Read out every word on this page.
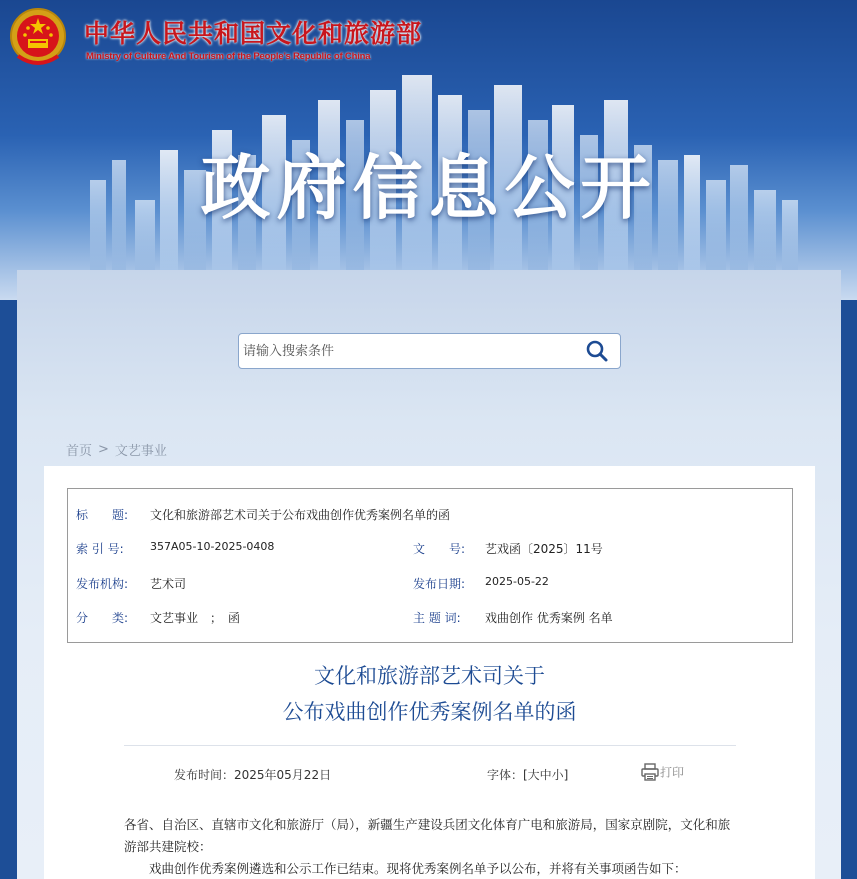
中华人民共和国文化和旅游部
Ministry of Culture And Tourism of the People’s Republic of China
政府信息公开
请输入搜索条件
首页 > 文艺事业
标　　题: 文化和旅游部艺术司关于公布戏曲创作优秀案例名单的函
索 引 号: 357A05-10-2025-0408	文　　号: 艺戏函〔2025〕11号
发布机构: 艺术司	发布日期: 2025-05-22
分　　类: 文艺事业　；　函	主 题 词: 戏曲创作 优秀案例 名单
文化和旅游部艺术司关于
公布戏曲创作优秀案例名单的函
发布时间：2025年05月22日	字体：[大中小]	打印
各省、自治区、直辖市文化和旅游厅（局），新疆生产建设兵团文化体育广电和旅游局，国家京剧院，文化和旅游部共建院校：
　　戏曲创作优秀案例遴选和公示工作已结束。现将优秀案例名单予以公布，并将有关事项函告如下：
